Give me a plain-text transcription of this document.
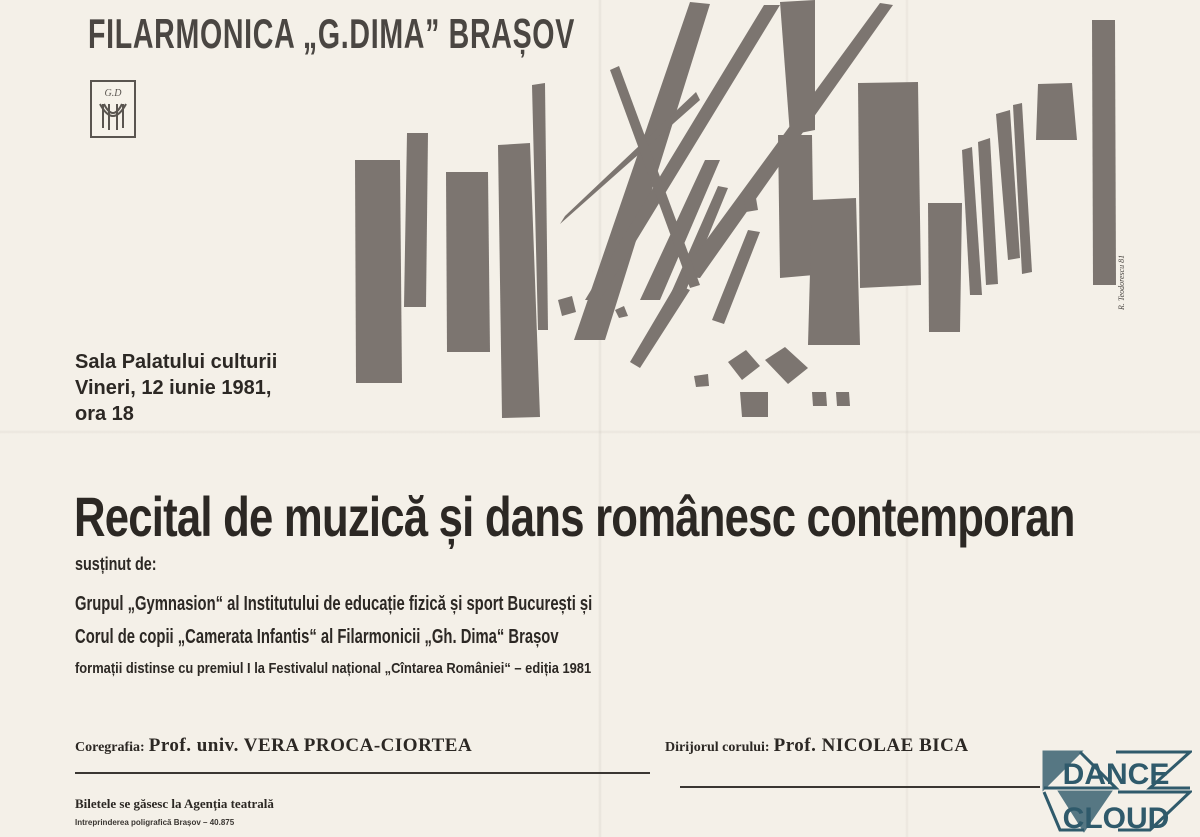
FILARMONICA „G.DIMA” BRAȘOV
G.D
Sala Palatului culturii
Vineri, 12 iunie 1981,
ora 18
Recital de muzică și dans românesc contemporan

susținut de:

Grupul „Gymnasion“ al Institutului de educație fizică și sport București și

Corul de copii „Camerata Infantis“ al Filarmonicii „Gh. Dima“ Brașov

formații distinse cu premiul I la Festivalul național „Cîntarea României“ – ediția 1981

Coregrafia: Prof. univ. VERA PROCA-CIORTEA	Dirijorul corului: Prof. NICOLAE BICA

Biletele se găsesc la Agenția teatrală

Intreprinderea poligrafică Brașov – 40.875

DANCE
CLOUD
